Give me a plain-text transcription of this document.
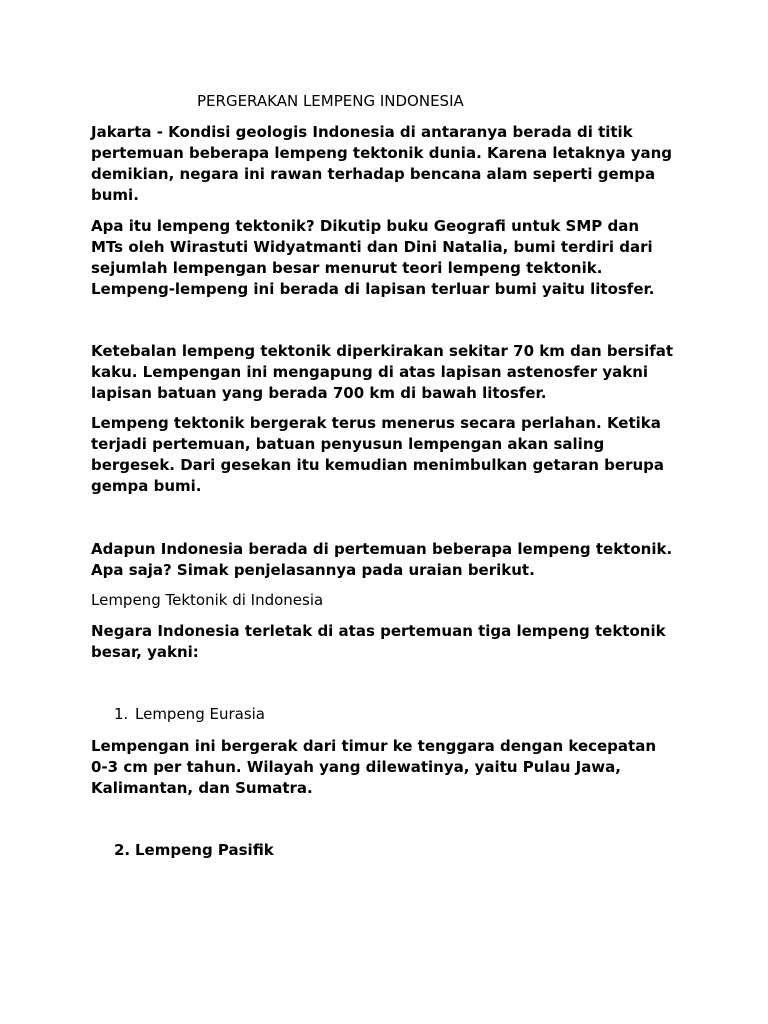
PERGERAKAN LEMPENG INDONESIA

Jakarta - Kondisi geologis Indonesia di antaranya berada di titik
pertemuan beberapa lempeng tektonik dunia. Karena letaknya yang
demikian, negara ini rawan terhadap bencana alam seperti gempa
bumi.

Apa itu lempeng tektonik? Dikutip buku Geografi untuk SMP dan
MTs oleh Wirastuti Widyatmanti dan Dini Natalia, bumi terdiri dari
sejumlah lempengan besar menurut teori lempeng tektonik.
Lempeng-lempeng ini berada di lapisan terluar bumi yaitu litosfer.

Ketebalan lempeng tektonik diperkirakan sekitar 70 km dan bersifat
kaku. Lempengan ini mengapung di atas lapisan astenosfer yakni
lapisan batuan yang berada 700 km di bawah litosfer.

Lempeng tektonik bergerak terus menerus secara perlahan. Ketika
terjadi pertemuan, batuan penyusun lempengan akan saling
bergesek. Dari gesekan itu kemudian menimbulkan getaran berupa
gempa bumi.

Adapun Indonesia berada di pertemuan beberapa lempeng tektonik.
Apa saja? Simak penjelasannya pada uraian berikut.

Lempeng Tektonik di Indonesia

Negara Indonesia terletak di atas pertemuan tiga lempeng tektonik
besar, yakni:

1. Lempeng Eurasia

Lempengan ini bergerak dari timur ke tenggara dengan kecepatan
0-3 cm per tahun. Wilayah yang dilewatinya, yaitu Pulau Jawa,
Kalimantan, dan Sumatra.

2. Lempeng Pasifik
